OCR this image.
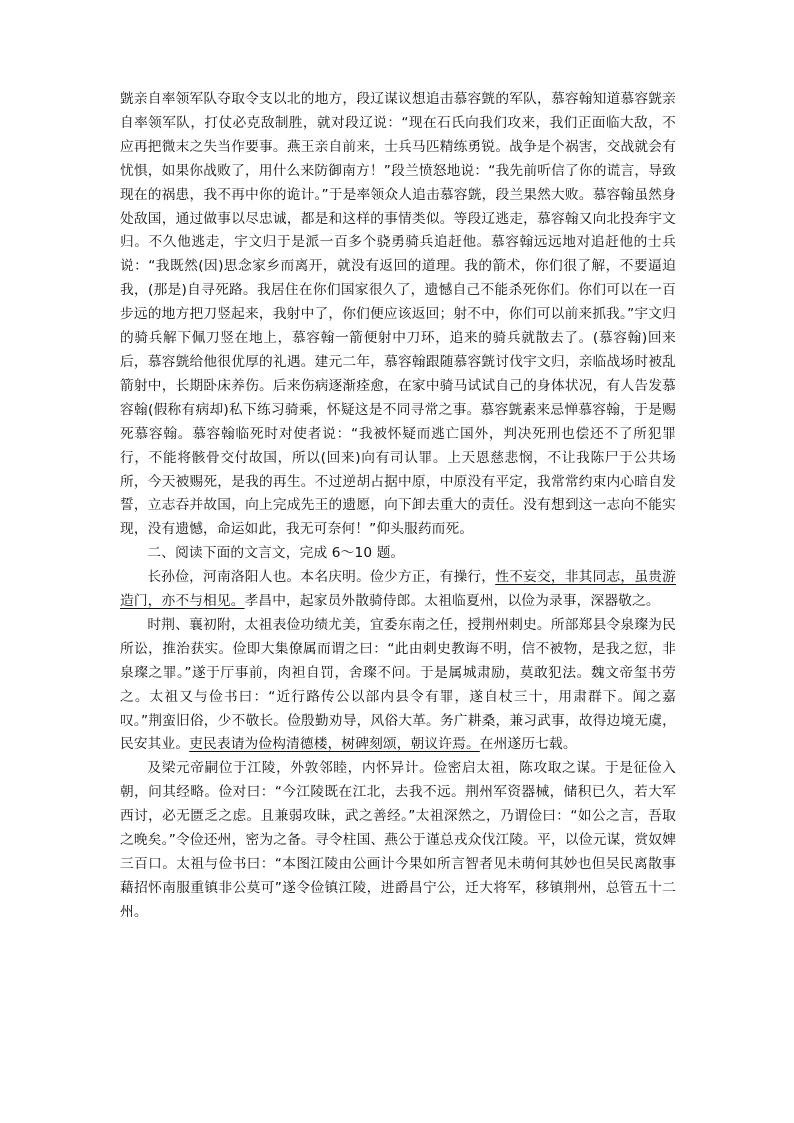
皝亲自率领军队夺取令支以北的地方，段辽谋议想追击慕容皝的军队，慕容翰知道慕容皝亲自率领军队，打仗必克敌制胜，就对段辽说：“现在石氏向我们攻来，我们正面临大敌，不应再把微末之失当作要事。燕王亲自前来，士兵马匹精练勇锐。战争是个祸害，交战就会有忧惧，如果你战败了，用什么来防御南方！”段兰愤怒地说：“我先前听信了你的谎言，导致现在的祸患，我不再中你的诡计。”于是率领众人追击慕容皝，段兰果然大败。慕容翰虽然身处敌国，通过做事以尽忠诚，都是和这样的事情类似。等段辽逃走，慕容翰又向北投奔宇文归。不久他逃走，宇文归于是派一百多个骁勇骑兵追赶他。慕容翰远远地对追赶他的士兵说：“我既然(因)思念家乡而离开，就没有返回的道理。我的箭术，你们很了解，不要逼迫我，(那是)自寻死路。我居住在你们国家很久了，遗憾自己不能杀死你们。你们可以在一百步远的地方把刀竖起来，我射中了，你们便应该返回；射不中，你们可以前来抓我。”宇文归的骑兵解下佩刀竖在地上，慕容翰一箭便射中刀环，追来的骑兵就散去了。(慕容翰)回来后，慕容皝给他很优厚的礼遇。建元二年，慕容翰跟随慕容皝讨伐宇文归，亲临战场时被乱箭射中，长期卧床养伤。后来伤病逐渐痊愈，在家中骑马试试自己的身体状况，有人告发慕容翰(假称有病却)私下练习骑乘，怀疑这是不同寻常之事。慕容皝素来忌惮慕容翰，于是赐死慕容翰。慕容翰临死时对使者说：“我被怀疑而逃亡国外，判决死刑也偿还不了所犯罪行，不能将骸骨交付故国，所以(回来)向有司认罪。上天恩慈悲悯，不让我陈尸于公共场所，今天被赐死，是我的再生。不过逆胡占据中原，中原没有平定，我常常约束内心暗自发誓，立志吞并故国，向上完成先王的遗愿，向下卸去重大的责任。没有想到这一志向不能实现，没有遗憾，命运如此，我无可奈何！”仰头服药而死。

二、阅读下面的文言文，完成 6～10 题。

长孙俭，河南洛阳人也。本名庆明。俭少方正，有操行，性不妄交，非其同志，虽贵游造门，亦不与相见。孝昌中，起家员外散骑侍郎。太祖临夏州，以俭为录事，深器敬之。

时荆、襄初附，太祖表俭功绩尤美，宜委东南之任，授荆州刺史。所部郑县令泉璨为民所讼，推治获实。俭即大集僚属而谓之曰：“此由刺史教诲不明，信不被物，是我之愆，非泉璨之罪。”遂于厅事前，肉袒自罚，舍璨不问。于是属城肃励，莫敢犯法。魏文帝玺书劳之。太祖又与俭书曰：“近行路传公以部内县令有罪，遂自杖三十，用肃群下。闻之嘉叹。”荆蛮旧俗，少不敬长。俭殷勤劝导，风俗大革。务广耕桑，兼习武事，故得边境无虞，民安其业。吏民表请为俭构清德楼，树碑刻颂，朝议许焉。在州遂历七载。

及梁元帝嗣位于江陵，外敦邻睦，内怀异计。俭密启太祖，陈攻取之谋。于是征俭入朝，问其经略。俭对曰：“今江陵既在江北，去我不远。荆州军资器械，储积已久，若大军西讨，必无匮乏之虑。且兼弱攻昧，武之善经。”太祖深然之，乃谓俭曰：“如公之言，吾取之晚矣。”令俭还州，密为之备。寻令柱国、燕公于谨总戎众伐江陵。平，以俭元谋，赏奴婢三百口。太祖与俭书曰：“本图江陵由公画计今果如所言智者见未萌何其妙也但吴民离散事藉招怀南服重镇非公莫可”遂令俭镇江陵，进爵昌宁公，迁大将军，移镇荆州，总管五十二州。
